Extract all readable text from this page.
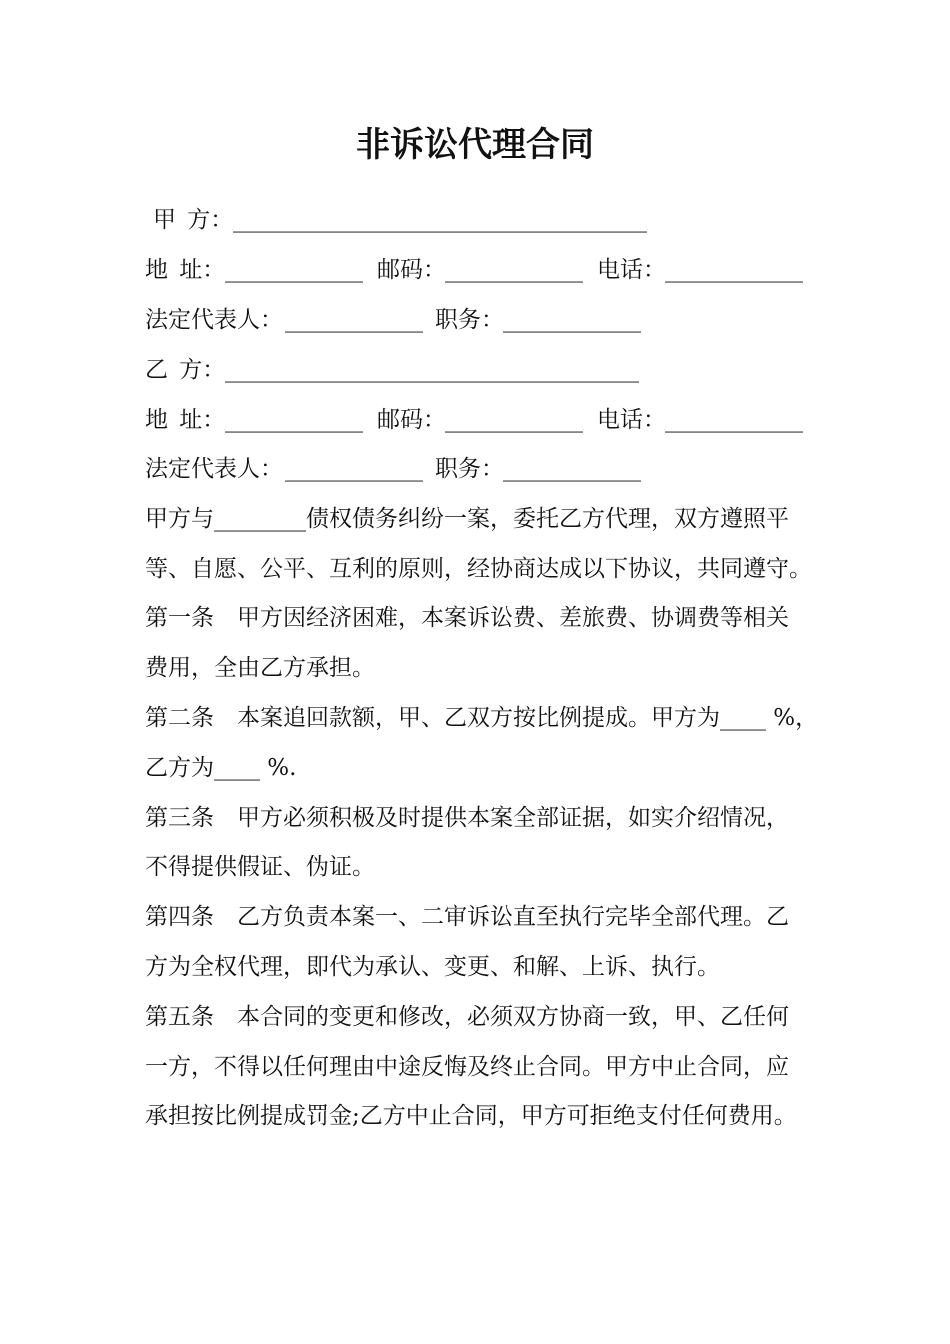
非诉讼代理合同
甲 方： ____________________________________
地 址： ____________ 邮码： ____________ 电话： ____________
法定代表人： ____________ 职务： ____________
乙 方： ____________________________________
地 址： ____________ 邮码： ____________ 电话： ____________
法定代表人： ____________ 职务： ____________
甲方与________债权债务纠纷一案，委托乙方代理，双方遵照平
等、自愿、公平、互利的原则，经协商达成以下协议，共同遵守。
第一条 甲方因经济困难，本案诉讼费、差旅费、协调费等相关
费用，全由乙方承担。
第二条 本案追回款额，甲、乙双方按比例提成。甲方为____ %，
乙方为____ %.
第三条 甲方必须积极及时提供本案全部证据，如实介绍情况，
不得提供假证、伪证。
第四条 乙方负责本案一、二审诉讼直至执行完毕全部代理。乙
方为全权代理，即代为承认、变更、和解、上诉、执行。
第五条 本合同的变更和修改，必须双方协商一致，甲、乙任何
一方，不得以任何理由中途反悔及终止合同。甲方中止合同，应
承担按比例提成罚金;乙方中止合同，甲方可拒绝支付任何费用。
